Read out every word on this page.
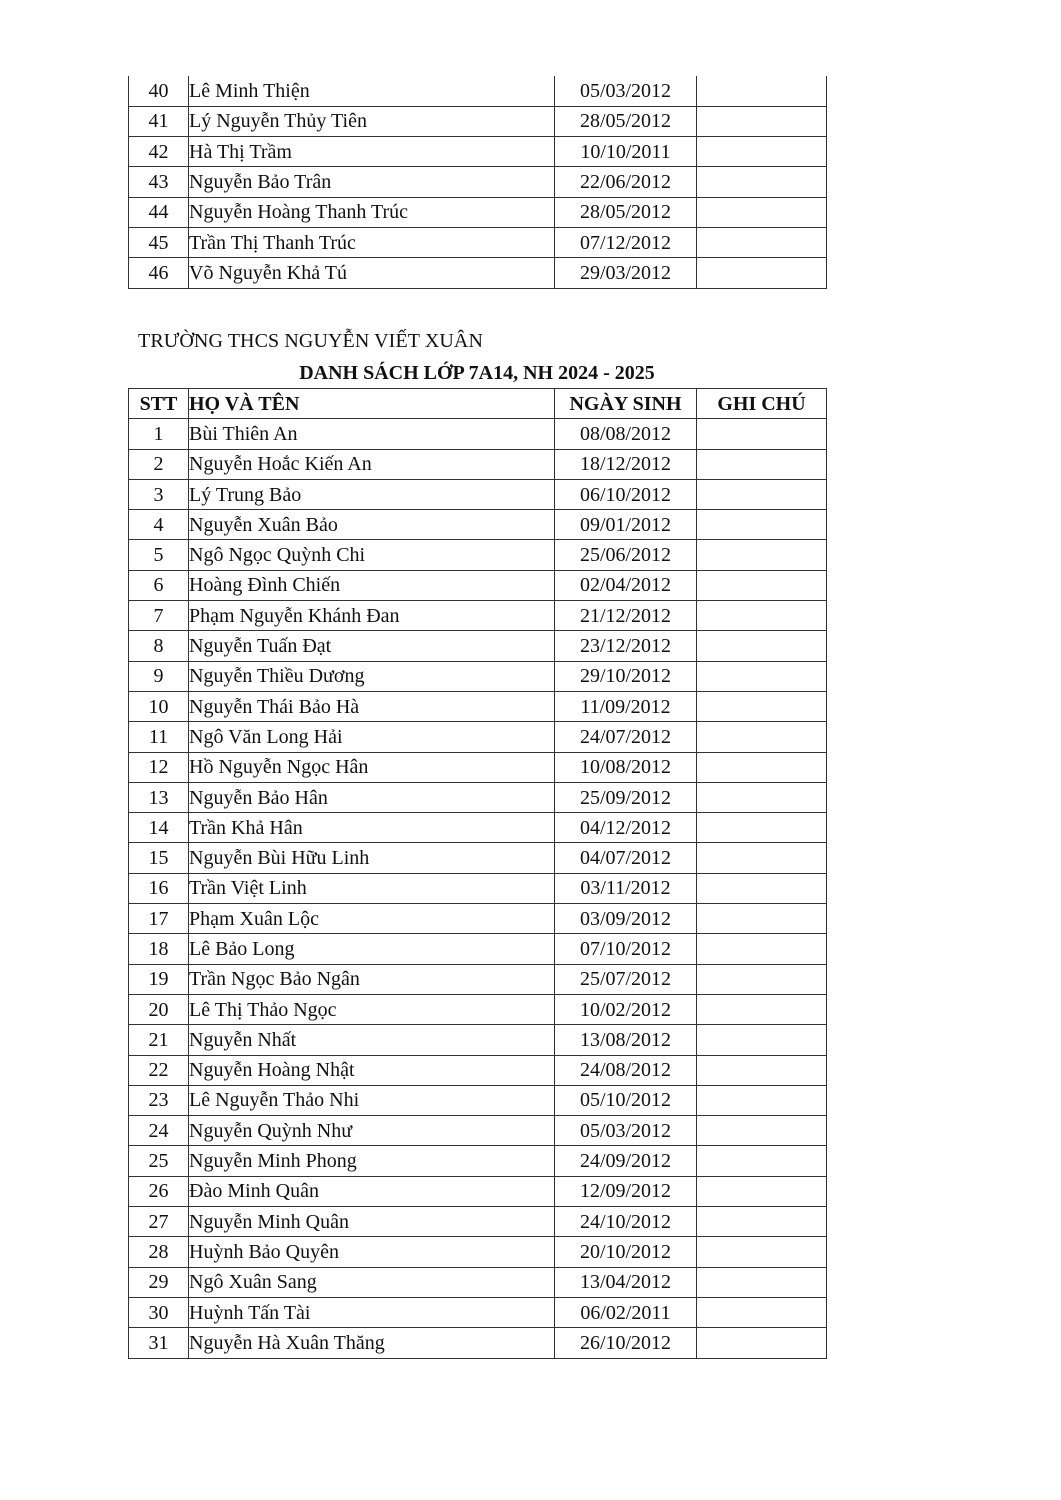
40	Lê Minh Thiện	05/03/2012	
41	Lý Nguyễn Thủy Tiên	28/05/2012	
42	Hà Thị Trầm	10/10/2011	
43	Nguyễn Bảo Trân	22/06/2012	
44	Nguyễn Hoàng Thanh Trúc	28/05/2012	
45	Trần Thị Thanh Trúc	07/12/2012	
46	Võ Nguyễn Khả Tú	29/03/2012	
TRƯỜNG THCS NGUYỄN VIẾT XUÂN
DANH SÁCH LỚP 7A14, NH 2024 - 2025
STT	HỌ VÀ TÊN	NGÀY SINH	GHI CHÚ
1	Bùi Thiên An	08/08/2012	
2	Nguyễn Hoắc Kiến An	18/12/2012	
3	Lý Trung Bảo	06/10/2012	
4	Nguyễn Xuân Bảo	09/01/2012	
5	Ngô Ngọc Quỳnh Chi	25/06/2012	
6	Hoàng Đình Chiến	02/04/2012	
7	Phạm Nguyễn Khánh Đan	21/12/2012	
8	Nguyễn Tuấn Đạt	23/12/2012	
9	Nguyễn Thiều Dương	29/10/2012	
10	Nguyễn Thái Bảo Hà	11/09/2012	
11	Ngô Văn Long Hải	24/07/2012	
12	Hồ Nguyễn Ngọc Hân	10/08/2012	
13	Nguyễn Bảo Hân	25/09/2012	
14	Trần Khả Hân	04/12/2012	
15	Nguyễn Bùi Hữu Linh	04/07/2012	
16	Trần Việt Linh	03/11/2012	
17	Phạm Xuân Lộc	03/09/2012	
18	Lê Bảo Long	07/10/2012	
19	Trần Ngọc Bảo Ngân	25/07/2012	
20	Lê Thị Thảo Ngọc	10/02/2012	
21	Nguyễn Nhất	13/08/2012	
22	Nguyễn Hoàng Nhật	24/08/2012	
23	Lê Nguyễn Thảo Nhi	05/10/2012	
24	Nguyễn Quỳnh Như	05/03/2012	
25	Nguyễn Minh Phong	24/09/2012	
26	Đào Minh Quân	12/09/2012	
27	Nguyễn Minh Quân	24/10/2012	
28	Huỳnh Bảo Quyên	20/10/2012	
29	Ngô Xuân Sang	13/04/2012	
30	Huỳnh Tấn Tài	06/02/2011	
31	Nguyễn Hà Xuân Thăng	26/10/2012	
